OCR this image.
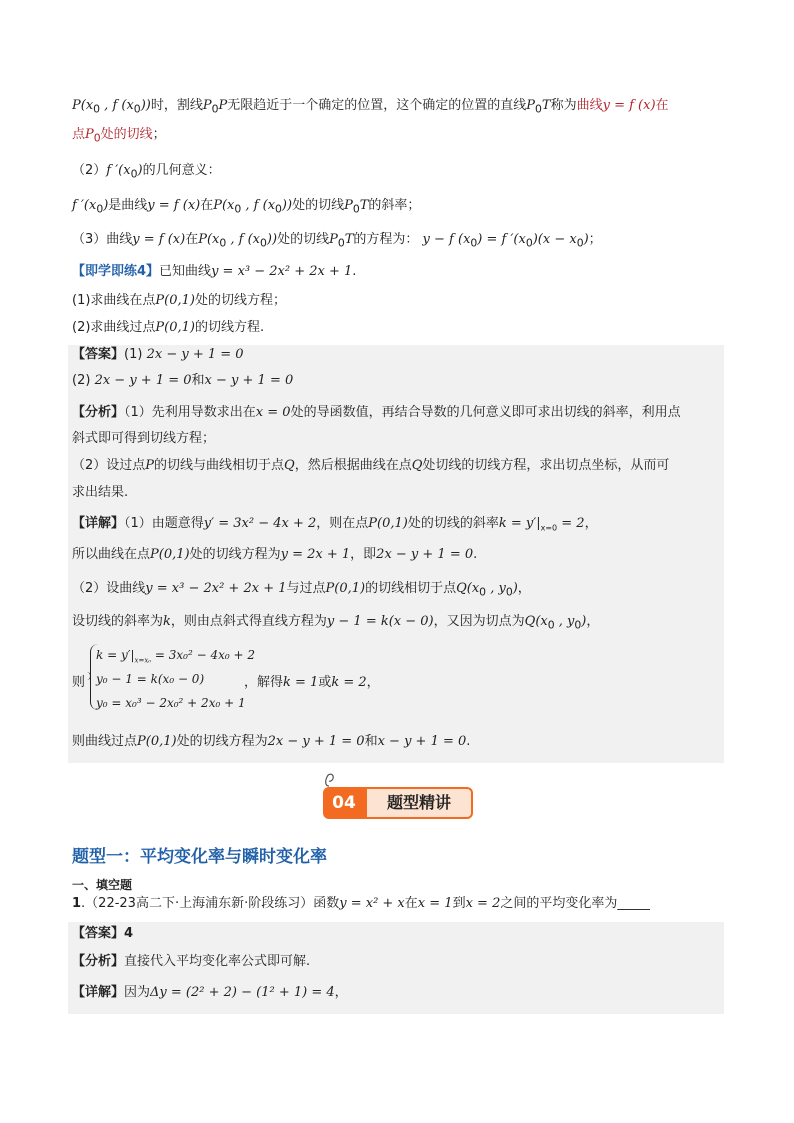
$P(x_0$ , f $(x_0)$)时，割线$P_0P$无限趋近于一个确定的位置，这个确定的位置的直线$P_0T$称为曲线y = f (x)在
点$P_0$处的切线；
（2）f $'(x_0)$的几何意义：
f $'(x_0)$是曲线y = f (x)在$P(x_0$ , f $(x_0)$)处的切线$P_0T$的斜率；
（3）曲线y = f (x)在$P(x_0$ , f $(x_0)$)处的切线$P_0T$的方程为： y − f $(x_0) = f$ $'(x_0)(x - x_0)$；
【即学即练4】已知曲线y = x³ − 2x² + 2x + 1.
(1)求曲线在点P(0,1)处的切线方程；
(2)求曲线过点P(0,1)的切线方程.
【答案】(1) 2x − y + 1 = 0
(2) 2x − y + 1 = 0和x − y + 1 = 0
【分析】（1）先利用导数求出在x = 0处的导函数值，再结合导数的几何意义即可求出切线的斜率，利用点
斜式即可得到切线方程；
（2）设过点P的切线与曲线相切于点Q，然后根据曲线在点Q处切线的切线方程，求出切点坐标，从而可
求出结果.
【详解】（1）由题意得y′ = 3x² − 4x + 2，则在点P(0,1)处的切线的斜率$k = y'|_{x=0} = 2$，
所以曲线在点P(0,1)处的切线方程为y = 2x + 1，即2x − y + 1 = 0.
（2）设曲线y = x³ − 2x² + 2x + 1与过点P(0,1)的切线相切于点$Q(x_0$ , $y_0$)，
设切线的斜率为k，则由点斜式得直线方程为y − 1 = k(x − 0)，又因为切点为$Q(x_0$ , $y_0$)，
则
$k = y'|_{x=x_0} = 3x_0^2 - 4x_0 + 2$
y₀ − 1 = k(x₀ − 0)
y₀ = x₀³ − 2x₀² + 2x₀ + 1
，解得k = 1或k = 2，
则曲线过点P(0,1)处的切线方程为2x − y + 1 = 0和x − y + 1 = 0.
04	题型精讲
题型一：平均变化率与瞬时变化率
一、填空题
1.（22-23高二下·上海浦东新·阶段练习）函数y = x² + x在x = 1到x = 2之间的平均变化率为_____
【答案】4
【分析】直接代入平均变化率公式即可解.
【详解】因为Δy = (2² + 2) − (1² + 1) = 4，
